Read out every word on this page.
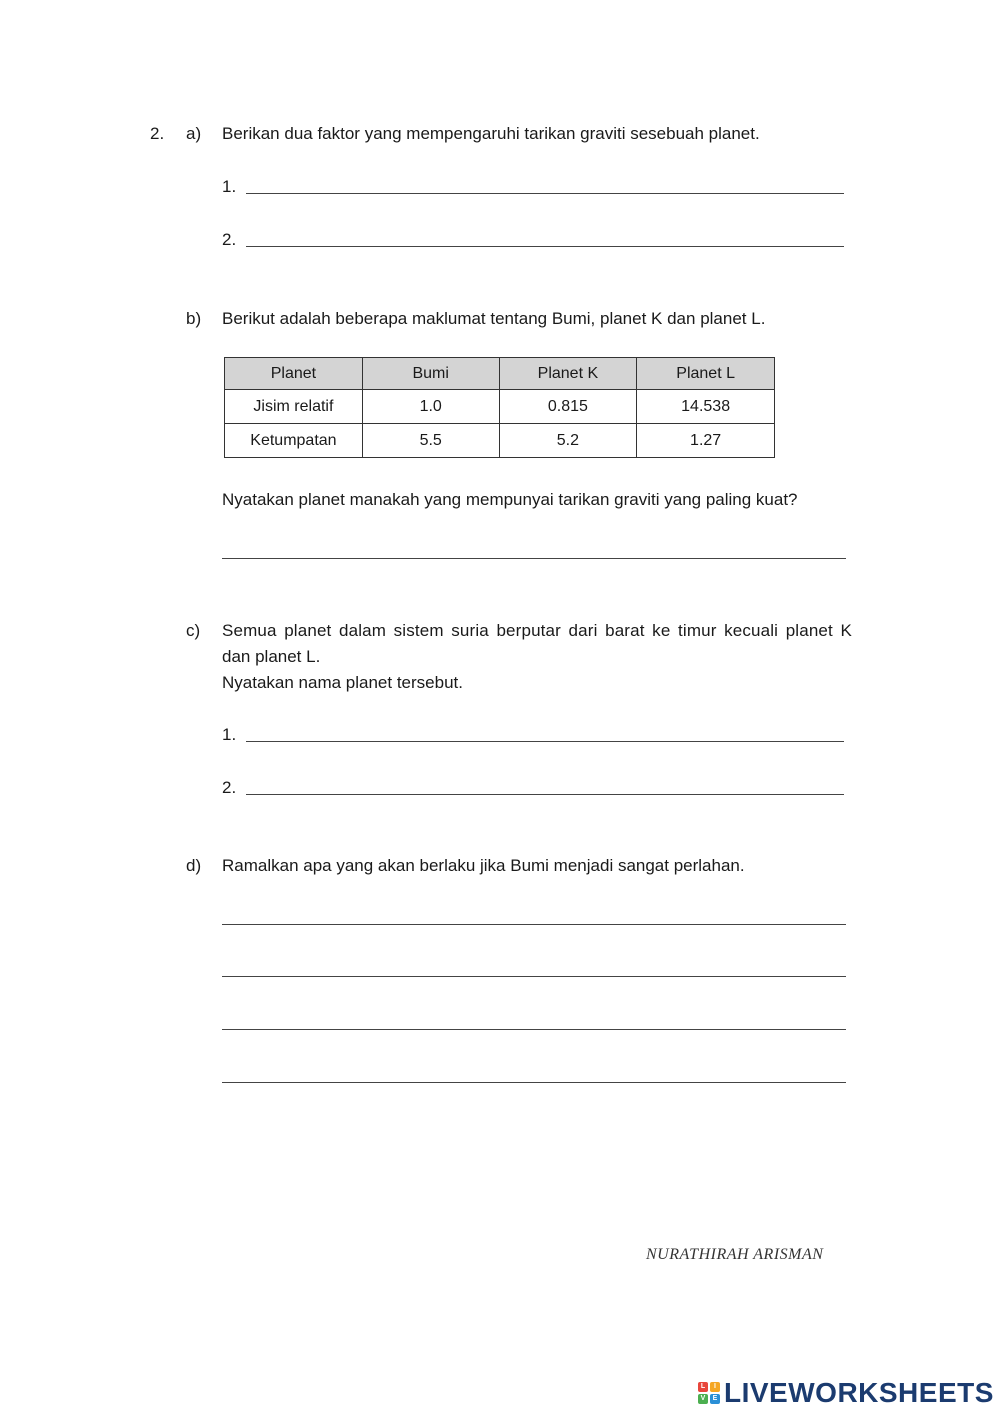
2. a) Berikan dua faktor yang mempengaruhi tarikan graviti sesebuah planet.
1.
2.
b) Berikut adalah beberapa maklumat tentang Bumi, planet K dan planet L.
Planet	Bumi	Planet K	Planet L
Jisim relatif	1.0	0.815	14.538
Ketumpatan	5.5	5.2	1.27
Nyatakan planet manakah yang mempunyai tarikan graviti yang paling kuat?
c) Semua planet dalam sistem suria berputar dari barat ke timur kecuali planet K
dan planet L.
Nyatakan nama planet tersebut.
1.
2.
d) Ramalkan apa yang akan berlaku jika Bumi menjadi sangat perlahan.
NURATHIRAH ARISMAN
L	I
V	E LIVEWORKSHEETS
